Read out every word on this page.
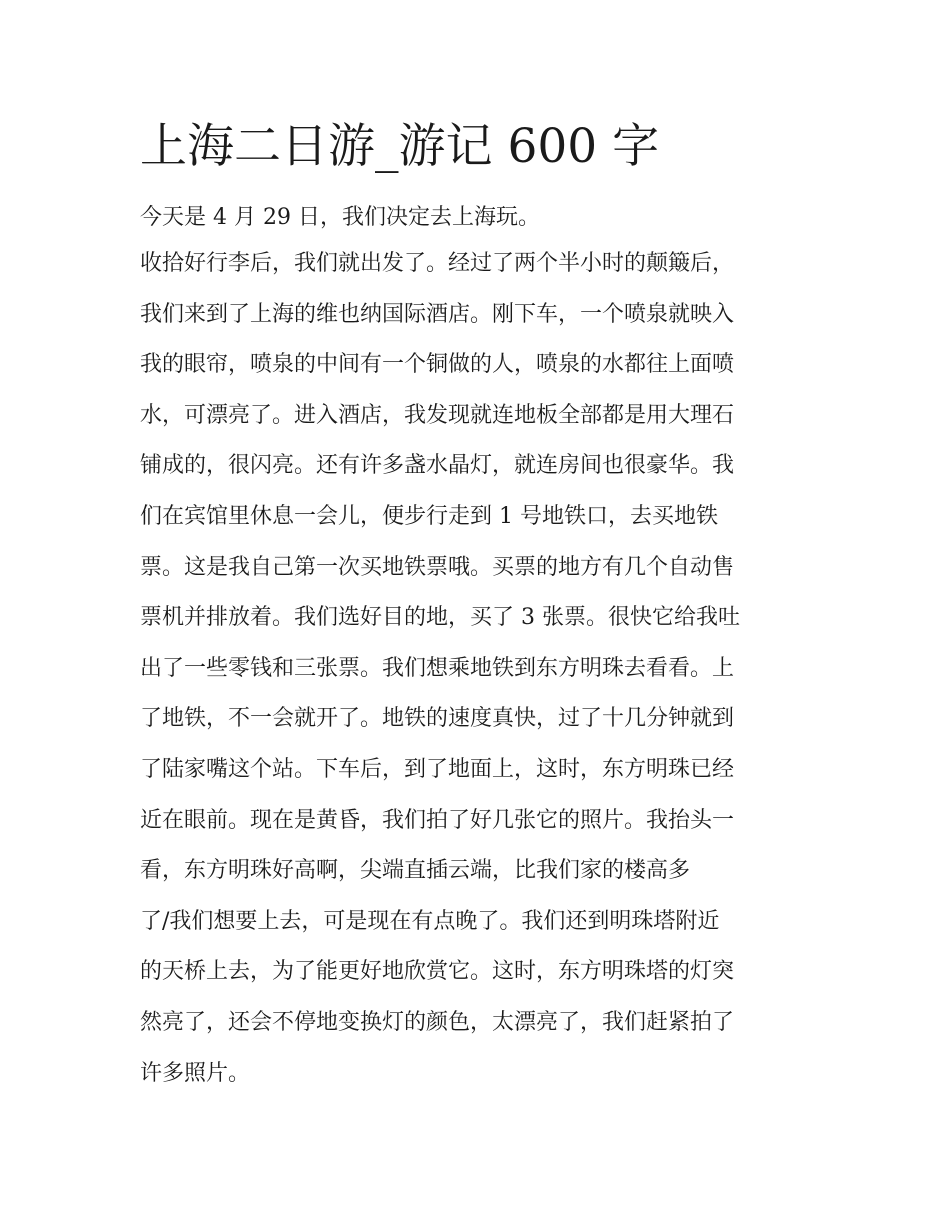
上海二日游_游记 600 字

今天是 4 月 29 日，我们决定去上海玩。

收拾好行李后，我们就出发了。经过了两个半小时的颠簸后，
我们来到了上海的维也纳国际酒店。刚下车，一个喷泉就映入
我的眼帘，喷泉的中间有一个铜做的人，喷泉的水都往上面喷
水，可漂亮了。进入酒店，我发现就连地板全部都是用大理石
铺成的，很闪亮。还有许多盏水晶灯，就连房间也很豪华。我
们在宾馆里休息一会儿，便步行走到 1 号地铁口，去买地铁
票。这是我自己第一次买地铁票哦。买票的地方有几个自动售
票机并排放着。我们选好目的地，买了 3 张票。很快它给我吐
出了一些零钱和三张票。我们想乘地铁到东方明珠去看看。上
了地铁，不一会就开了。地铁的速度真快，过了十几分钟就到
了陆家嘴这个站。下车后，到了地面上，这时，东方明珠已经
近在眼前。现在是黄昏，我们拍了好几张它的照片。我抬头一
看，东方明珠好高啊，尖端直插云端，比我们家的楼高多
了/我们想要上去，可是现在有点晚了。我们还到明珠塔附近
的天桥上去，为了能更好地欣赏它。这时，东方明珠塔的灯突
然亮了，还会不停地变换灯的颜色，太漂亮了，我们赶紧拍了
许多照片。
